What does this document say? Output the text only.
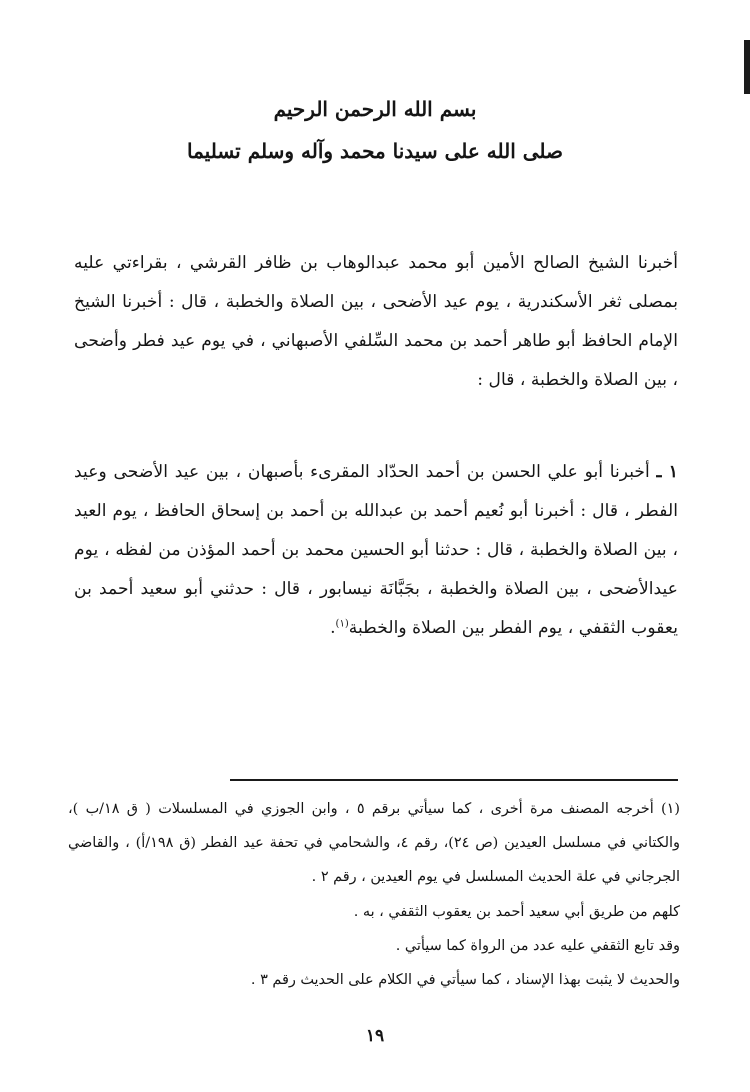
بسم الله الرحمن الرحيم
صلى الله على سيدنا محمد وآله وسلم تسليما
أخبرنا الشيخ الصالح الأمين أبو محمد عبدالوهاب بن ظافر القرشي ، بقراءتي عليه بمصلى ثغر الأسكندرية ، يوم عيد الأضحى ، بين الصلاة والخطبة ، قال : أخبرنا الشيخ الإمام الحافظ أبو طاهر أحمد بن محمد السِّلفي الأصبهاني ، في يوم عيد فطر وأضحى ، بين الصلاة والخطبة ، قال :
١ ـ أخبرنا أبو علي الحسن بن أحمد الحدّاد المقرىء بأصبهان ، بين عيد الأضحى وعيد الفطر ، قال : أخبرنا أبو نُعيم أحمد بن عبدالله بن أحمد بن إسحاق الحافظ ، يوم العيد ، بين الصلاة والخطبة ، قال : حدثنا أبو الحسين محمد بن أحمد المؤذن من لفظه ، يوم عيدالأضحى ، بين الصلاة والخطبة ، بجَبَّانَة نيسابور ، قال : حدثني أبو سعيد أحمد بن يعقوب الثقفي ، يوم الفطر بين الصلاة والخطبة$^{(١)}$.

(١) أخرجه المصنف مرة أخرى ، كما سيأتي برقم ٥ ، وابن الجوزي في المسلسلات ( ق ١٨/ب )، والكتاني في مسلسل العيدين (ص ٢٤)، رقم ٤، والشحامي في تحفة عيد الفطر (ق ١٩٨/أ) ، والقاضي الجرجاني في علة الحديث المسلسل في يوم العيدين ، رقم ٢ .

كلهم من طريق أبي سعيد أحمد بن يعقوب الثقفي ، به .

وقد تابع الثقفي عليه عدد من الرواة كما سيأتي .

والحديث لا يثبت بهذا الإسناد ، كما سيأتي في الكلام على الحديث رقم ٣ .

١٩
